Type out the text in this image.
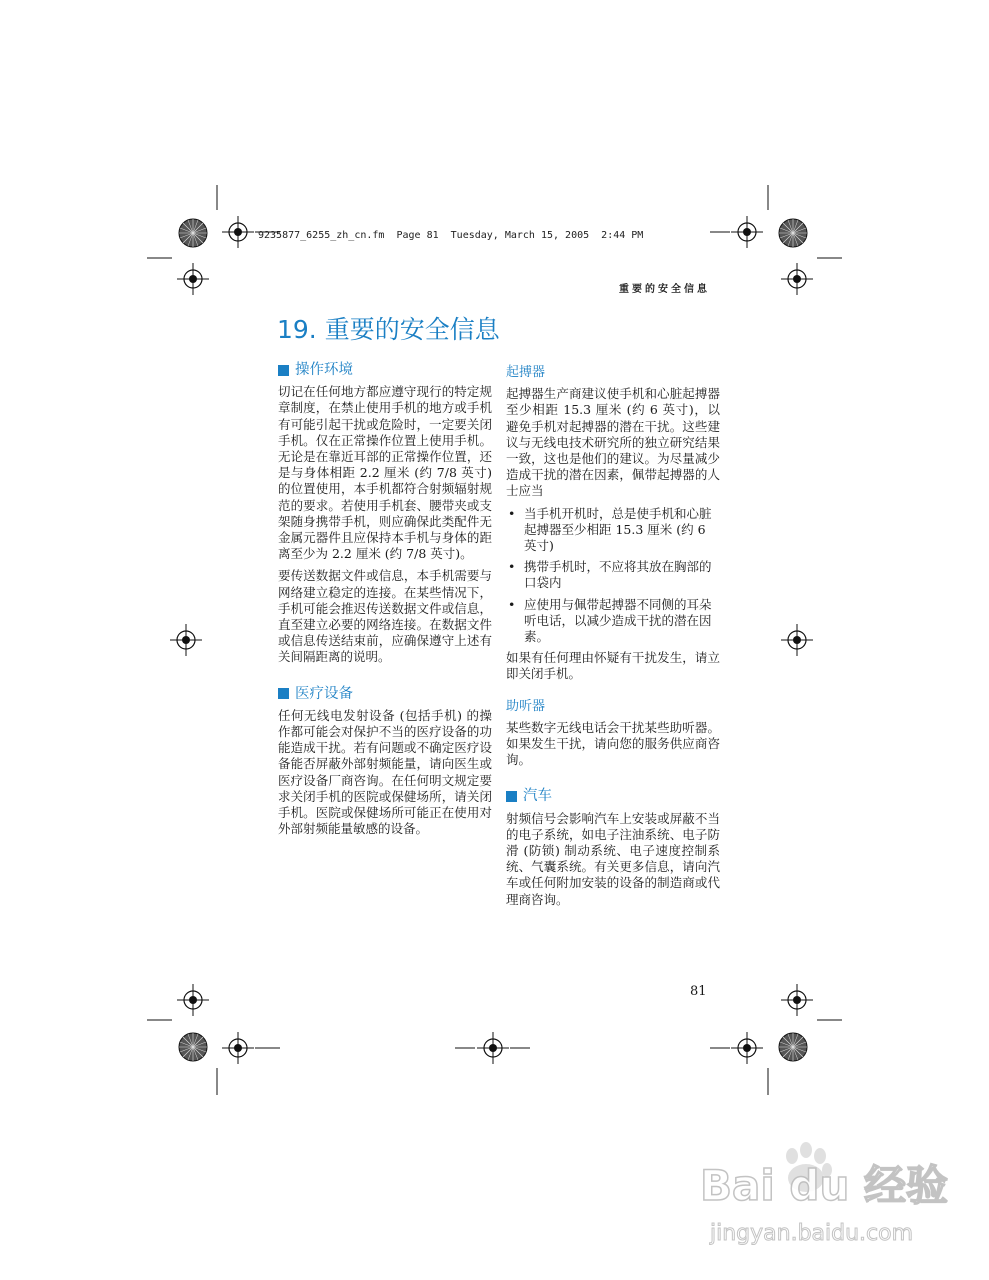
9235877_6255_zh_cn.fm  Page 81  Tuesday, March 15, 2005  2:44 PM
重要的安全信息
19. 重要的安全信息
操作环境

切记在任何地方都应遵守现行的特定规章制度，在禁止使用手机的地方或手机有可能引起干扰或危险时，一定要关闭手机。仅在正常操作位置上使用手机。无论是在靠近耳部的正常操作位置，还是与身体相距 2.2 厘米 (约 7/8 英寸) 的位置使用，本手机都符合射频辐射规范的要求。若使用手机套、腰带夹或支架随身携带手机，则应确保此类配件无金属元器件且应保持本手机与身体的距离至少为 2.2 厘米 (约 7/8 英寸)。

要传送数据文件或信息，本手机需要与网络建立稳定的连接。在某些情况下，手机可能会推迟传送数据文件或信息，直至建立必要的网络连接。在数据文件或信息传送结束前，应确保遵守上述有关间隔距离的说明。

医疗设备

任何无线电发射设备 (包括手机) 的操作都可能会对保护不当的医疗设备的功能造成干扰。若有问题或不确定医疗设备能否屏蔽外部射频能量，请向医生或医疗设备厂商咨询。在任何明文规定要求关闭手机的医院或保健场所，请关闭手机。医院或保健场所可能正在使用对外部射频能量敏感的设备。

起搏器

起搏器生产商建议使手机和心脏起搏器至少相距 15.3 厘米 (约 6 英寸)，以避免手机对起搏器的潜在干扰。这些建议与无线电技术研究所的独立研究结果一致，这也是他们的建议。为尽量减少造成干扰的潜在因素，佩带起搏器的人士应当

• 当手机开机时，总是使手机和心脏起搏器至少相距 15.3 厘米 (约 6 英寸)
• 携带手机时，不应将其放在胸部的口袋内
• 应使用与佩带起搏器不同侧的耳朵听电话，以减少造成干扰的潜在因素。

如果有任何理由怀疑有干扰发生，请立即关闭手机。

助听器

某些数字无线电话会干扰某些助听器。如果发生干扰，请向您的服务供应商咨询。

汽车

射频信号会影响汽车上安装或屏蔽不当的电子系统，如电子注油系统、电子防滑 (防锁) 制动系统、电子速度控制系统、气囊系统。有关更多信息，请向汽车或任何附加安装的设备的制造商或代理商咨询。

81
Bai du 经验
jingyan.baidu.com
